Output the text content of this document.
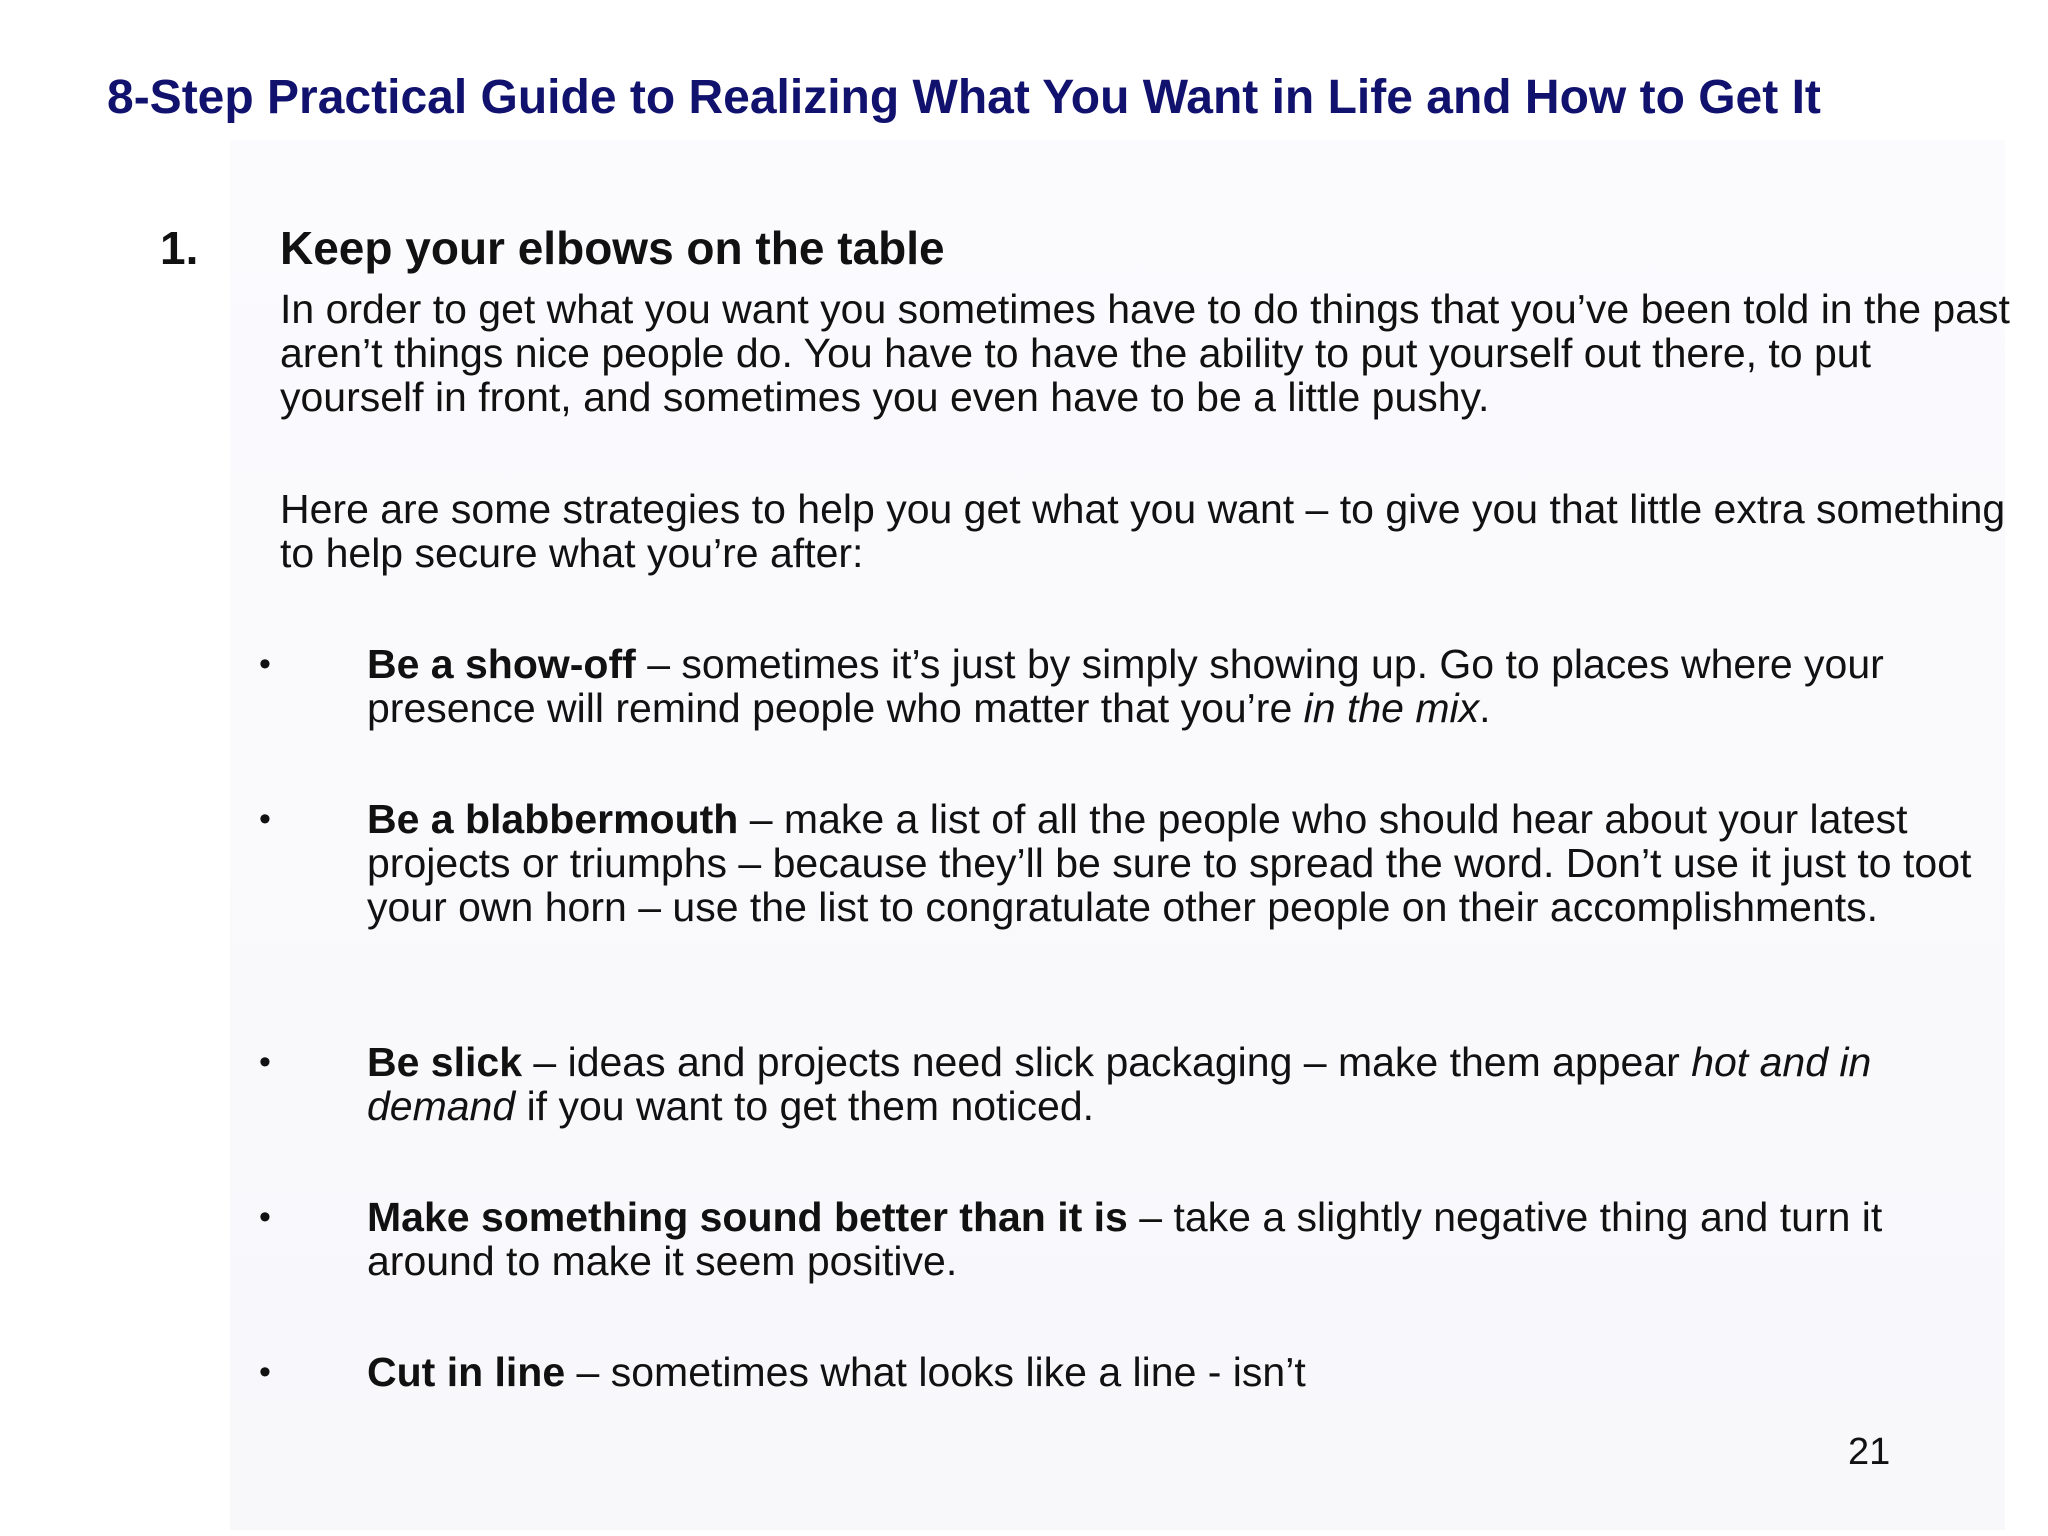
8-Step Practical Guide to Realizing What You Want in Life and How to Get It
1. Keep your elbows on the table

In order to get what you want you sometimes have to do things that you’ve been told in the past aren’t things nice people do. You have to have the ability to put yourself out there, to put yourself in front, and sometimes you even have to be a little pushy.

Here are some strategies to help you get what you want – to give you that little extra something to help secure what you’re after:

• Be a show-off – sometimes it’s just by simply showing up. Go to places where your presence will remind people who matter that you’re in the mix.

• Be a blabbermouth – make a list of all the people who should hear about your latest projects or triumphs – because they’ll be sure to spread the word. Don’t use it just to toot your own horn – use the list to congratulate other people on their accomplishments.

• Be slick – ideas and projects need slick packaging – make them appear hot and in demand if you want to get them noticed.

• Make something sound better than it is – take a slightly negative thing and turn it around to make it seem positive.

• Cut in line – sometimes what looks like a line - isn’t

21
